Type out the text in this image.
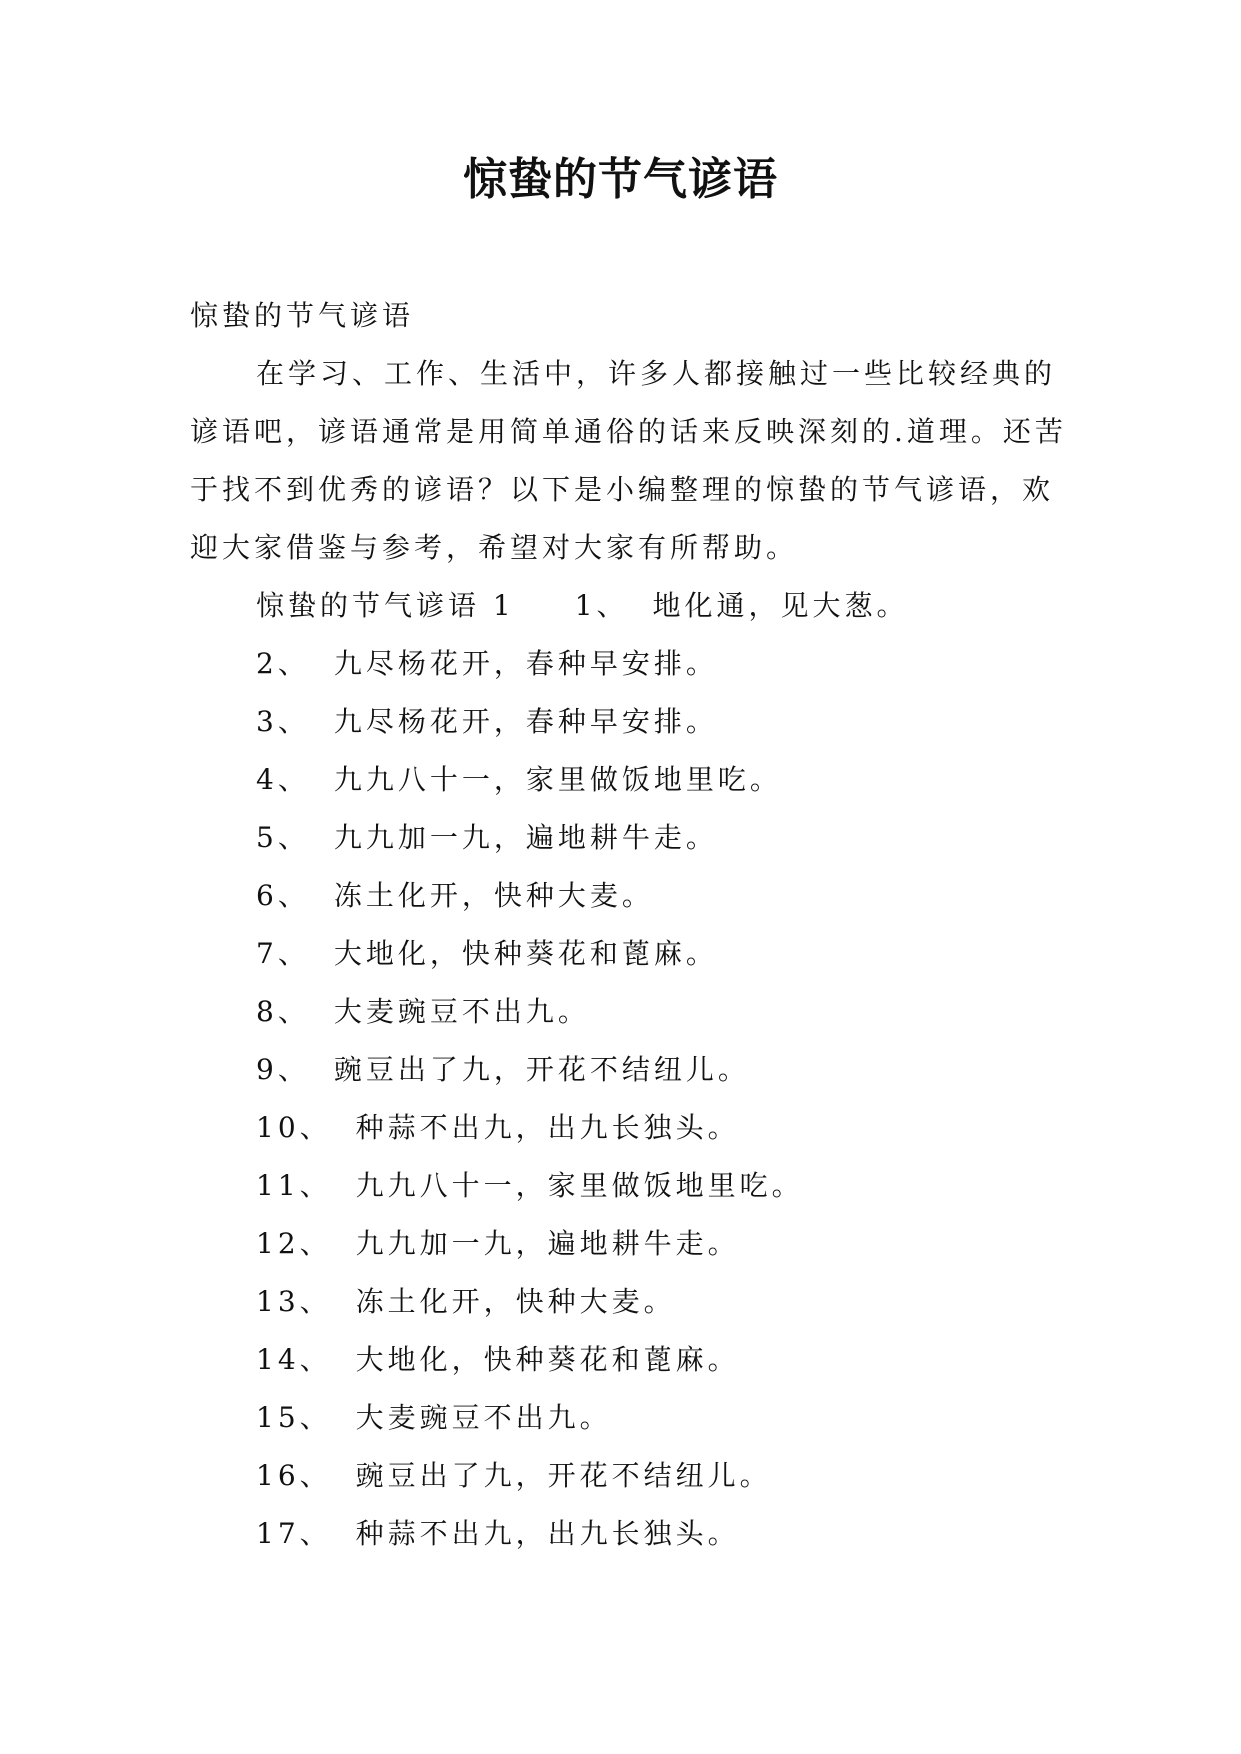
惊蛰的节气谚语
惊蛰的节气谚语

在学习、工作、生活中，许多人都接触过一些比较经典的谚语吧，谚语通常是用简单通俗的话来反映深刻的.道理。还苦于找不到优秀的谚语？以下是小编整理的惊蛰的节气谚语，欢迎大家借鉴与参考，希望对大家有所帮助。

惊蛰的节气谚语 1 1、 地化通，见大葱。
2、 九尽杨花开，春种早安排。
3、 九尽杨花开，春种早安排。
4、 九九八十一，家里做饭地里吃。
5、 九九加一九，遍地耕牛走。
6、 冻土化开，快种大麦。
7、 大地化，快种葵花和蓖麻。
8、 大麦豌豆不出九。
9、 豌豆出了九，开花不结纽儿。
10、 种蒜不出九，出九长独头。
11、 九九八十一，家里做饭地里吃。
12、 九九加一九，遍地耕牛走。
13、 冻土化开，快种大麦。
14、 大地化，快种葵花和蓖麻。
15、 大麦豌豆不出九。
16、 豌豆出了九，开花不结纽儿。
17、 种蒜不出九，出九长独头。
